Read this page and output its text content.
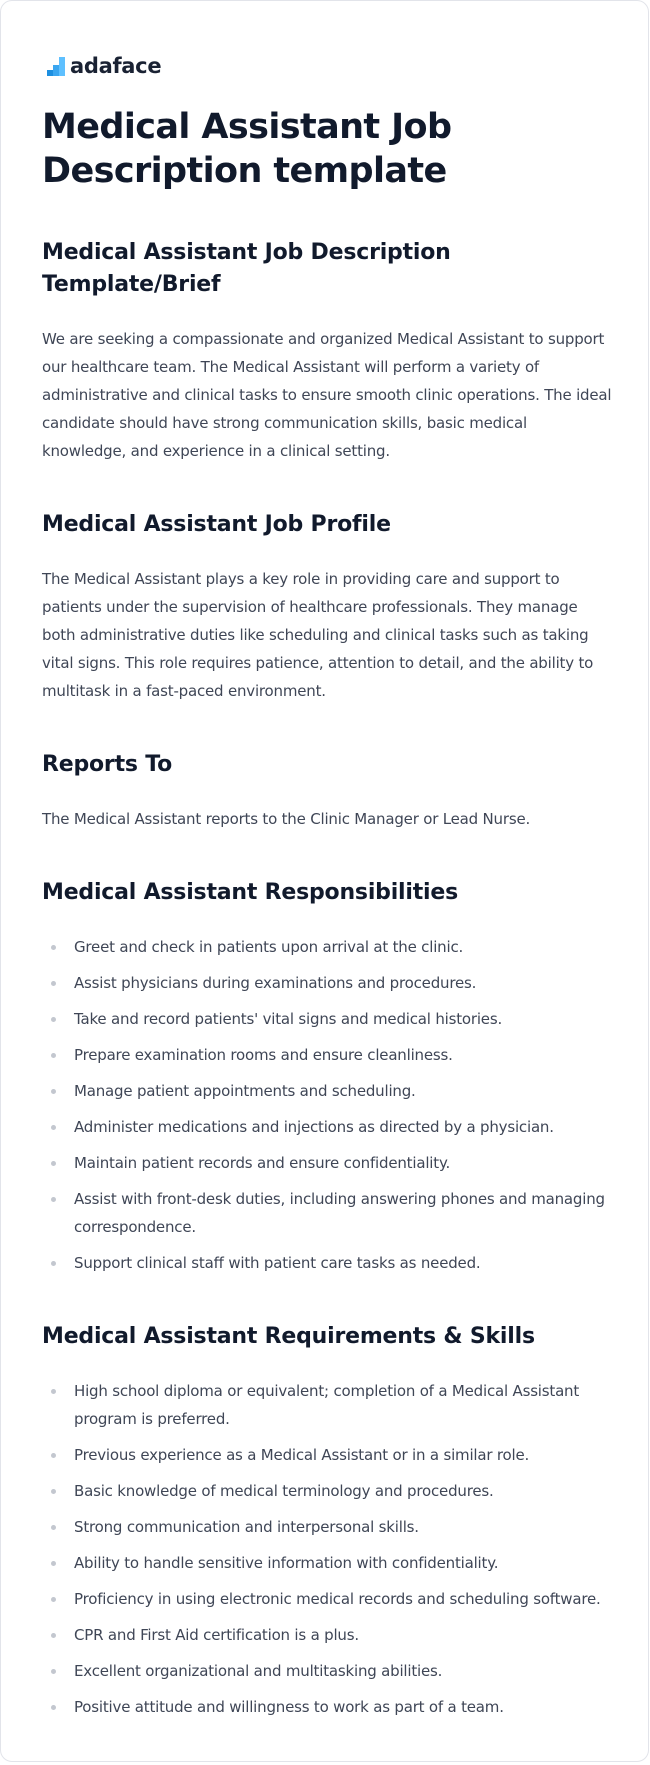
adaface
Medical Assistant Job Description template
Medical Assistant Job Description Template/Brief

We are seeking a compassionate and organized Medical Assistant to support our healthcare team. The Medical Assistant will perform a variety of administrative and clinical tasks to ensure smooth clinic operations. The ideal candidate should have strong communication skills, basic medical knowledge, and experience in a clinical setting.

Medical Assistant Job Profile

The Medical Assistant plays a key role in providing care and support to patients under the supervision of healthcare professionals. They manage both administrative duties like scheduling and clinical tasks such as taking vital signs. This role requires patience, attention to detail, and the ability to multitask in a fast-paced environment.

Reports To

The Medical Assistant reports to the Clinic Manager or Lead Nurse.

Medical Assistant Responsibilities
Greet and check in patients upon arrival at the clinic.
Assist physicians during examinations and procedures.
Take and record patients' vital signs and medical histories.
Prepare examination rooms and ensure cleanliness.
Manage patient appointments and scheduling.
Administer medications and injections as directed by a physician.
Maintain patient records and ensure confidentiality.
Assist with front-desk duties, including answering phones and managing correspondence.
Support clinical staff with patient care tasks as needed.
Medical Assistant Requirements & Skills
High school diploma or equivalent; completion of a Medical Assistant program is preferred.
Previous experience as a Medical Assistant or in a similar role.
Basic knowledge of medical terminology and procedures.
Strong communication and interpersonal skills.
Ability to handle sensitive information with confidentiality.
Proficiency in using electronic medical records and scheduling software.
CPR and First Aid certification is a plus.
Excellent organizational and multitasking abilities.
Positive attitude and willingness to work as part of a team.
